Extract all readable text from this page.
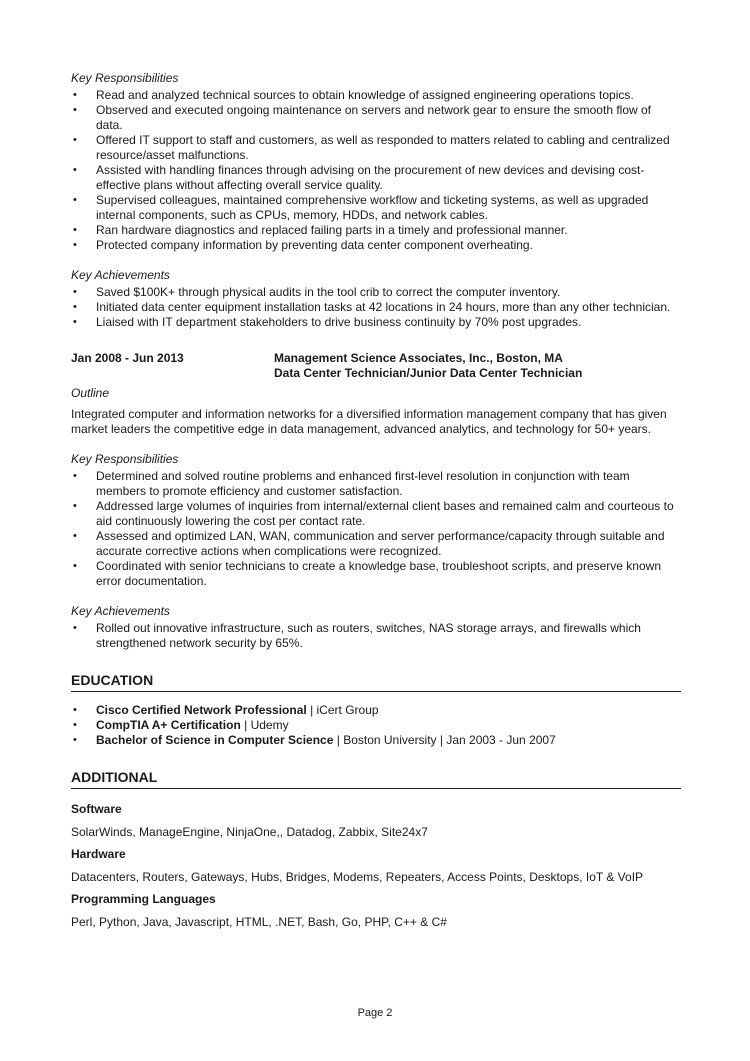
Key Responsibilities

• Read and analyzed technical sources to obtain knowledge of assigned engineering operations topics.
• Observed and executed ongoing maintenance on servers and network gear to ensure the smooth flow of data.
• Offered IT support to staff and customers, as well as responded to matters related to cabling and centralized resource/asset malfunctions.
• Assisted with handling finances through advising on the procurement of new devices and devising cost-effective plans without affecting overall service quality.
• Supervised colleagues, maintained comprehensive workflow and ticketing systems, as well as upgraded internal components, such as CPUs, memory, HDDs, and network cables.
• Ran hardware diagnostics and replaced failing parts in a timely and professional manner.
• Protected company information by preventing data center component overheating.

Key Achievements

• Saved $100K+ through physical audits in the tool crib to correct the computer inventory.
• Initiated data center equipment installation tasks at 42 locations in 24 hours, more than any other technician.
• Liaised with IT department stakeholders to drive business continuity by 70% post upgrades.
Jan 2008 - Jun 2013	Management Science Associates, Inc., Boston, MA
Data Center Technician/Junior Data Center Technician

Outline

Integrated computer and information networks for a diversified information management company that has given market leaders the competitive edge in data management, advanced analytics, and technology for 50+ years.

Key Responsibilities

• Determined and solved routine problems and enhanced first-level resolution in conjunction with team members to promote efficiency and customer satisfaction.
• Addressed large volumes of inquiries from internal/external client bases and remained calm and courteous to aid continuously lowering the cost per contact rate.
• Assessed and optimized LAN, WAN, communication and server performance/capacity through suitable and accurate corrective actions when complications were recognized.
• Coordinated with senior technicians to create a knowledge base, troubleshoot scripts, and preserve known error documentation.

Key Achievements

• Rolled out innovative infrastructure, such as routers, switches, NAS storage arrays, and firewalls which strengthened network security by 65%.
EDUCATION
• Cisco Certified Network Professional | iCert Group
• CompTIA A+ Certification | Udemy
• Bachelor of Science in Computer Science | Boston University | Jan 2003 - Jun 2007
ADDITIONAL

Software

SolarWinds, ManageEngine, NinjaOne,, Datadog, Zabbix, Site24x7

Hardware

Datacenters, Routers, Gateways, Hubs, Bridges, Modems, Repeaters, Access Points, Desktops, IoT & VoIP

Programming Languages

Perl, Python, Java, Javascript, HTML, .NET, Bash, Go, PHP, C++ & C#

Page 2
